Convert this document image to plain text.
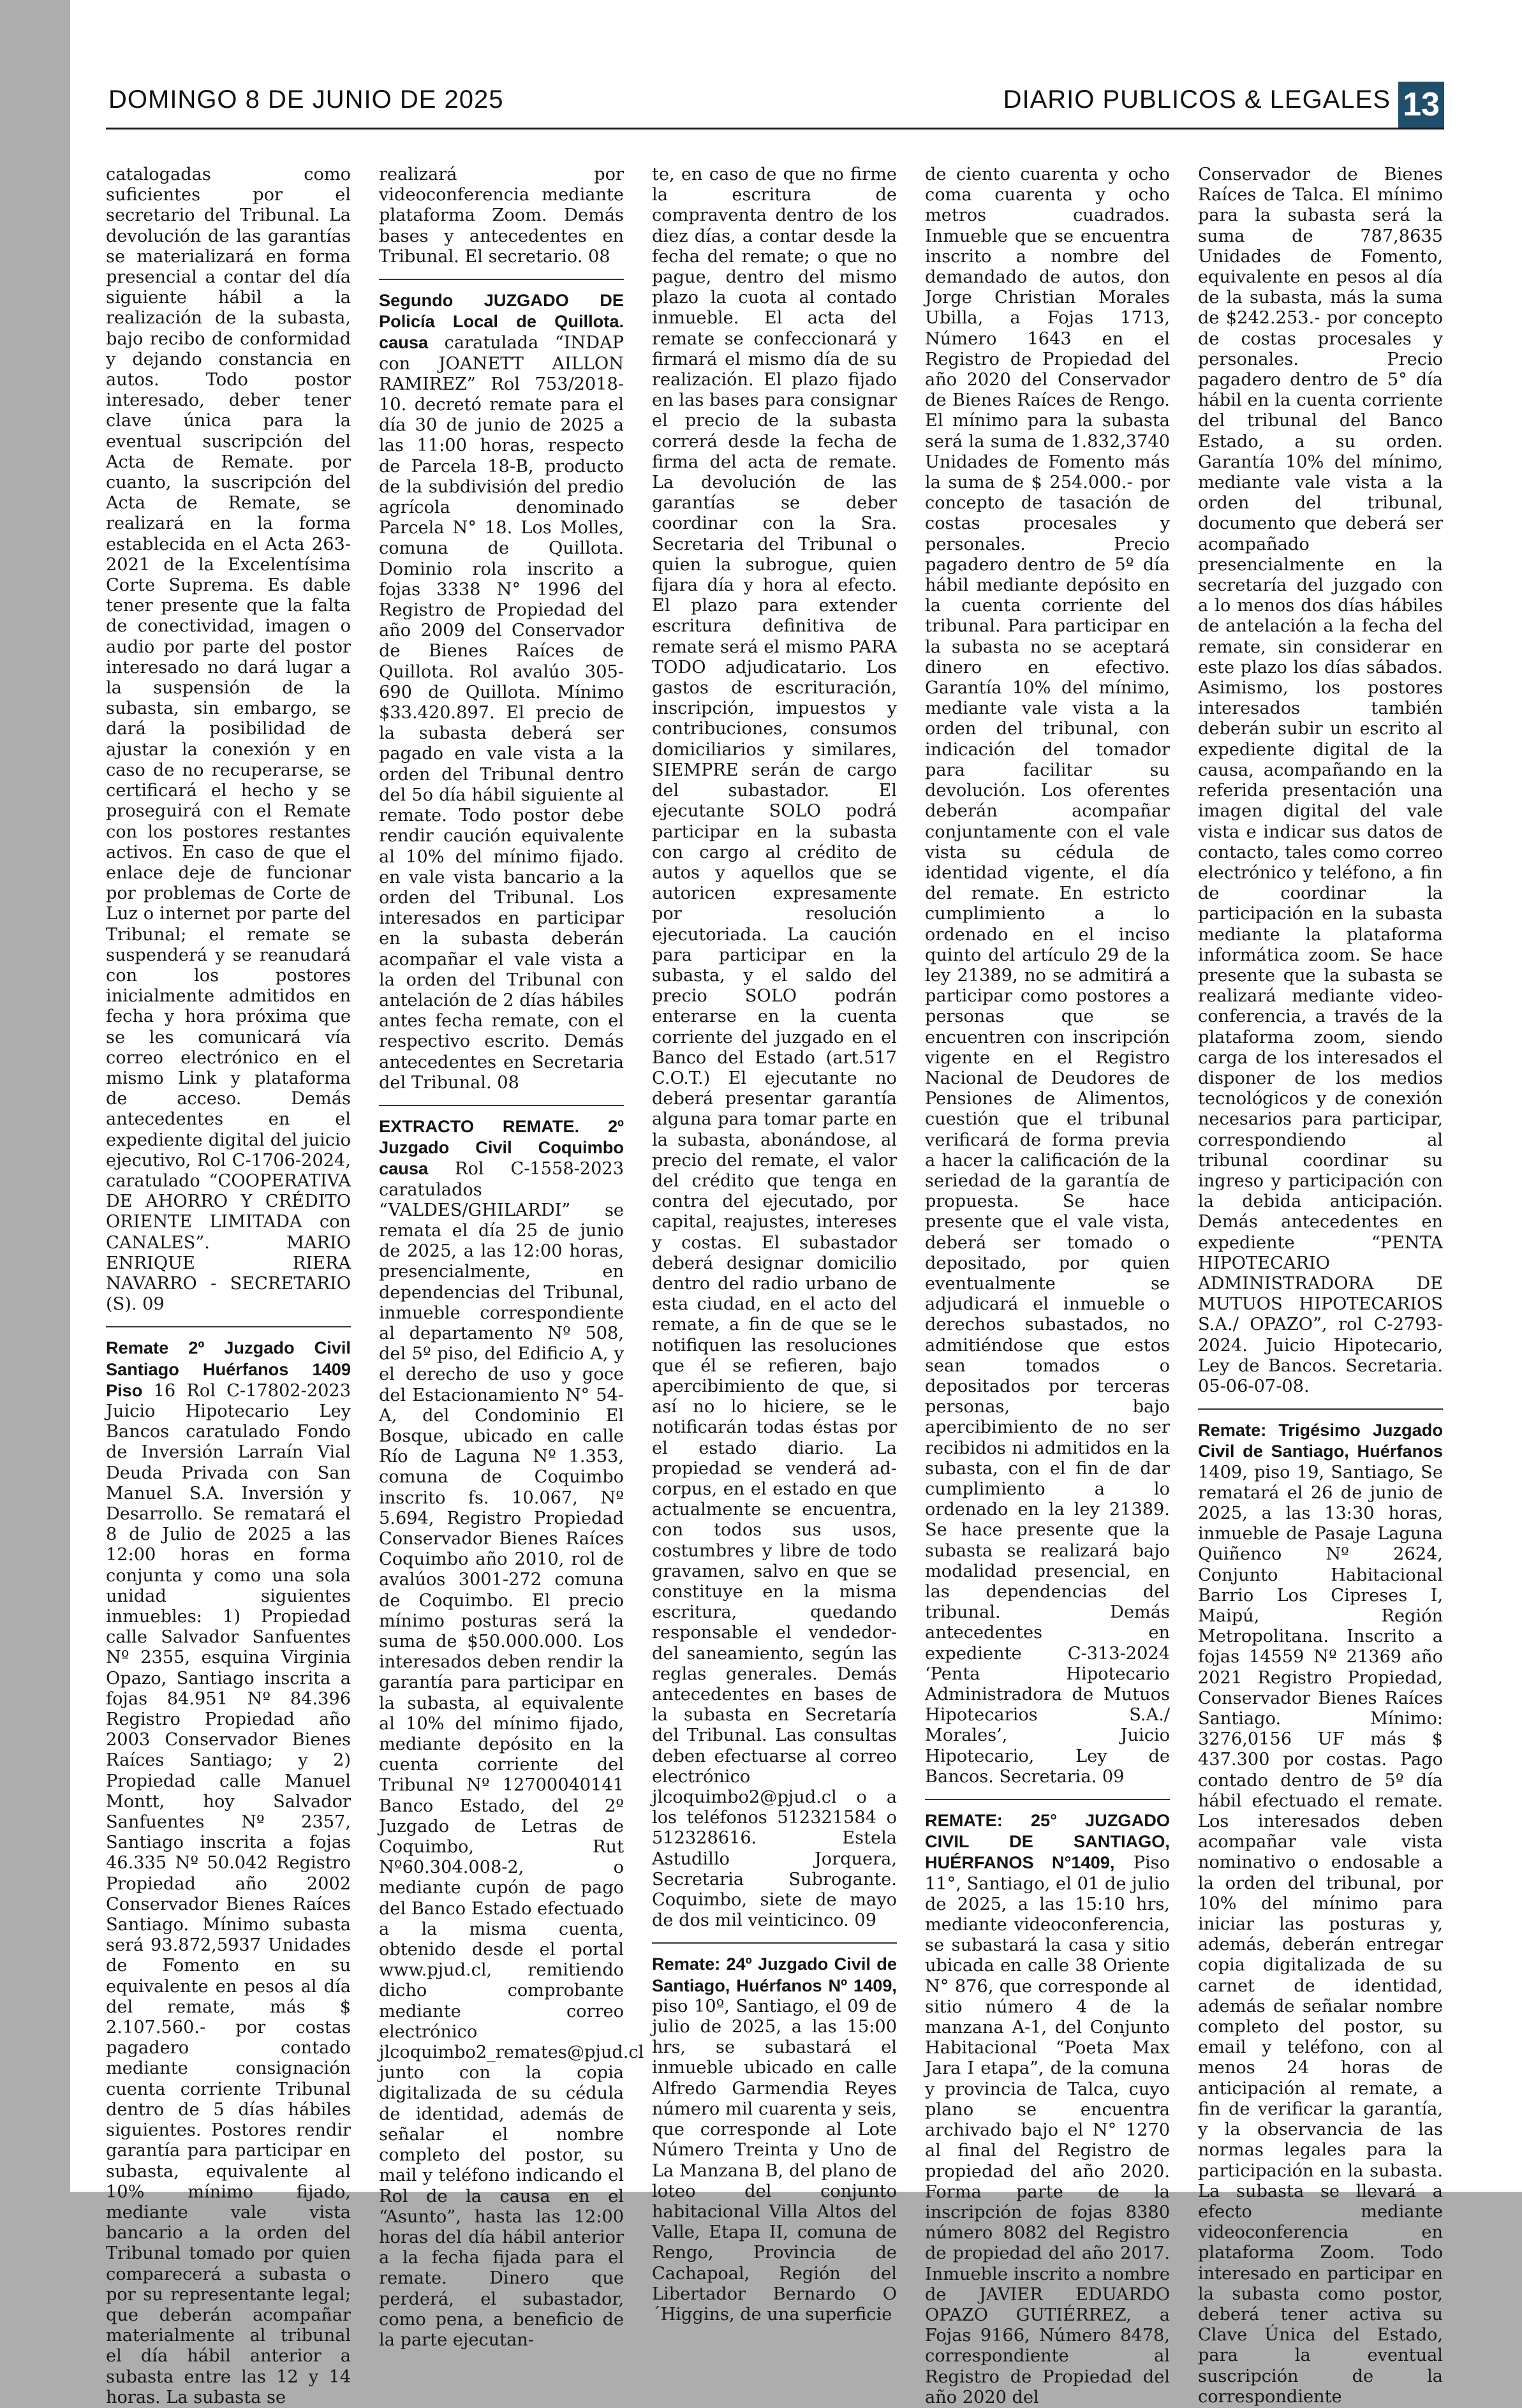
DOMINGO 8 DE JUNIO DE 2025	DIARIO PUBLICOS & LEGALES 13

catalogadas como suficientes por el secretario del Tribunal. La devolución de las garantías se materializará en forma presencial a contar del día siguiente hábil a la realización de la subasta, bajo recibo de conformidad y dejando constancia en autos. Todo postor interesado, deber tener clave única para la eventual suscripción del Acta de Remate. por cuanto, la suscripción del Acta de Remate, se realizará en la forma establecida en el Acta 263-2021 de la Excelentísima Corte Suprema. Es dable tener presente que la falta de conectividad, imagen o audio por parte del postor interesado no dará lugar a la suspensión de la subasta, sin embargo, se dará la posibilidad de ajustar la conexión y en caso de no recuperarse, se certificará el hecho y se proseguirá con el Remate con los postores restantes activos. En caso de que el enlace deje de funcionar por problemas de Corte de Luz o internet por parte del Tribunal; el remate se suspenderá y se reanudará con los postores inicialmente admitidos en fecha y hora próxima que se les comunicará vía correo electrónico en el mismo Link y plataforma de acceso. Demás antecedentes en el expediente digital del juicio ejecutivo, Rol C-1706-2024, caratulado “COOPERATIVA DE AHORRO Y CRÉDITO ORIENTE LIMITADA con CANALES”. MARIO ENRIQUE RIERA NAVARRO - SECRETARIO (S). 09

Remate 2º Juzgado Civil Santiago Huérfanos 1409 Piso 16 Rol C-17802-2023 Juicio Hipotecario Ley Bancos caratulado Fondo de Inversión Larraín Vial Deuda Privada con San Manuel S.A. Inversión y Desarrollo. Se rematará el 8 de Julio de 2025 a las 12:00 horas en forma conjunta y como una sola unidad siguientes inmuebles: 1) Propiedad calle Salvador Sanfuentes Nº 2355, esquina Virginia Opazo, Santiago inscrita a fojas 84.951 Nº 84.396 Registro Propiedad año 2003 Conservador Bienes Raíces Santiago; y 2) Propiedad calle Manuel Montt, hoy Salvador Sanfuentes Nº 2357, Santiago inscrita a fojas 46.335 Nº 50.042 Registro Propiedad año 2002 Conservador Bienes Raíces Santiago. Mínimo subasta será 93.872,5937 Unidades de Fomento en su equivalente en pesos al día del remate, más $ 2.107.560.- por costas pagadero contado mediante consignación cuenta corriente Tribunal dentro de 5 días hábiles siguientes. Postores rendir garantía para participar en subasta, equivalente al 10% mínimo fijado, mediante vale vista bancario a la orden del Tribunal tomado por quien comparecerá a subasta o por su representante legal; que deberán acompañar materialmente al tribunal el día hábil anterior a subasta entre las 12 y 14 horas. La subasta se

realizará por videoconferencia mediante plataforma Zoom. Demás bases y antecedentes en Tribunal. El secretario. 08

Segundo JUZGADO DE Policía Local de Quillota. causa caratulada “INDAP con JOANETT AILLON RAMIREZ” Rol 753/2018-10. decretó remate para el día 30 de junio de 2025 a las 11:00 horas, respecto de Parcela 18-B, producto de la subdivisión del predio agrícola denominado Parcela N° 18. Los Molles, comuna de Quillota. Dominio rola inscrito a fojas 3338 N° 1996 del Registro de Propiedad del año 2009 del Conservador de Bienes Raíces de Quillota. Rol avalúo 305-690 de Quillota. Mínimo $33.420.897. El precio de la subasta deberá ser pagado en vale vista a la orden del Tribunal dentro del 5o día hábil siguiente al remate. Todo postor debe rendir caución equivalente al 10% del mínimo fijado. en vale vista bancario a la orden del Tribunal. Los interesados en participar en la subasta deberán acompañar el vale vista a la orden del Tribunal con antelación de 2 días hábiles antes fecha remate, con el respectivo escrito. Demás antecedentes en Secretaria del Tribunal. 08

EXTRACTO REMATE. 2º Juzgado Civil Coquimbo causa Rol C-1558-2023 caratulados “VALDES/GHILARDI” se remata el día 25 de junio de 2025, a las 12:00 horas, presencialmente, en dependencias del Tribunal, inmueble correspondiente al departamento Nº 508, del 5º piso, del Edificio A, y el derecho de uso y goce del Estacionamiento N° 54-A, del Condominio El Bosque, ubicado en calle Río de Laguna Nº 1.353, comuna de Coquimbo inscrito fs. 10.067, Nº 5.694, Registro Propiedad Conservador Bienes Raíces Coquimbo año 2010, rol de avalúos 3001-272 comuna de Coquimbo. El precio mínimo posturas será la suma de $50.000.000. Los interesados deben rendir la garantía para participar en la subasta, al equivalente al 10% del mínimo fijado, mediante depósito en la cuenta corriente del Tribunal Nº 12700040141 Banco Estado, del 2º Juzgado de Letras de Coquimbo, Rut Nº60.304.008-2, o mediante cupón de pago del Banco Estado efectuado a la misma cuenta, obtenido desde el portal www.pjud.cl, remitiendo dicho comprobante mediante correo electrónico jlcoquimbo2_remates@pjud.cl junto con la copia digitalizada de su cédula de identidad, además de señalar el nombre completo del postor, su mail y teléfono indicando el Rol de la causa en el “Asunto”, hasta las 12:00 horas del día hábil anterior a la fecha fijada para el remate. Dinero que perderá, el subastador, como pena, a beneficio de la parte ejecutan-

te, en caso de que no firme la escritura de compraventa dentro de los diez días, a contar desde la fecha del remate; o que no pague, dentro del mismo plazo la cuota al contado inmueble. El acta del remate se confeccionará y firmará el mismo día de su realización. El plazo fijado en las bases para consignar el precio de la subasta correrá desde la fecha de firma del acta de remate. La devolución de las garantías se deber coordinar con la Sra. Secretaria del Tribunal o quien la subrogue, quien fijara día y hora al efecto. El plazo para extender escritura definitiva de remate será el mismo PARA TODO adjudicatario. Los gastos de escrituración, inscripción, impuestos y contribuciones, consumos domiciliarios y similares, SIEMPRE serán de cargo del subastador. El ejecutante SOLO podrá participar en la subasta con cargo al crédito de autos y aquellos que se autoricen expresamente por resolución ejecutoriada. La caución para participar en la subasta, y el saldo del precio SOLO podrán enterarse en la cuenta corriente del juzgado en el Banco del Estado (art.517 C.O.T.) El ejecutante no deberá presentar garantía alguna para tomar parte en la subasta, abonándose, al precio del remate, el valor del crédito que tenga en contra del ejecutado, por capital, reajustes, intereses y costas. El subastador deberá designar domicilio dentro del radio urbano de esta ciudad, en el acto del remate, a fin de que se le notifiquen las resoluciones que él se refieren, bajo apercibimiento de que, si así no lo hiciere, se le notificarán todas éstas por el estado diario. La propiedad se venderá ad-corpus, en el estado en que actualmente se encuentra, con todos sus usos, costumbres y libre de todo gravamen, salvo en que se constituye en la misma escritura, quedando responsable el vendedor- del saneamiento, según las reglas generales. Demás antecedentes en bases de la subasta en Secretaría del Tribunal. Las consultas deben efectuarse al correo electrónico jlcoquimbo2@pjud.cl o a los teléfonos 512321584 o 512328616. Estela Astudillo Jorquera, Secretaria Subrogante. Coquimbo, siete de mayo de dos mil veinticinco. 09

Remate: 24º Juzgado Civil de Santiago, Huérfanos Nº 1409, piso 10º, Santiago, el 09 de julio de 2025, a las 15:00 hrs, se subastará el inmueble ubicado en calle Alfredo Garmendia Reyes número mil cuarenta y seis, que corresponde al Lote Número Treinta y Uno de La Manzana B, del plano de loteo del conjunto habitacional Villa Altos del Valle, Etapa II, comuna de Rengo, Provincia de Cachapoal, Región del Libertador Bernardo O´Higgins, de una superficie

de ciento cuarenta y ocho coma cuarenta y ocho metros cuadrados. Inmueble que se encuentra inscrito a nombre del demandado de autos, don Jorge Christian Morales Ubilla, a Fojas 1713, Número 1643 en el Registro de Propiedad del año 2020 del Conservador de Bienes Raíces de Rengo. El mínimo para la subasta será la suma de 1.832,3740 Unidades de Fomento más la suma de $ 254.000.- por concepto de tasación de costas procesales y personales. Precio pagadero dentro de 5º día hábil mediante depósito en la cuenta corriente del tribunal. Para participar en la subasta no se aceptará dinero en efectivo. Garantía 10% del mínimo, mediante vale vista a la orden del tribunal, con indicación del tomador para facilitar su devolución. Los oferentes deberán acompañar conjuntamente con el vale vista su cédula de identidad vigente, el día del remate. En estricto cumplimiento a lo ordenado en el inciso quinto del artículo 29 de la ley 21389, no se admitirá a participar como postores a personas que se encuentren con inscripción vigente en el Registro Nacional de Deudores de Pensiones de Alimentos, cuestión que el tribunal verificará de forma previa a hacer la calificación de la seriedad de la garantía de propuesta. Se hace presente que el vale vista, deberá ser tomado o depositado, por quien eventualmente se adjudicará el inmueble o derechos subastados, no admitiéndose que estos sean tomados o depositados por terceras personas, bajo apercibimiento de no ser recibidos ni admitidos en la subasta, con el fin de dar cumplimiento a lo ordenado en la ley 21389. Se hace presente que la subasta se realizará bajo modalidad presencial, en las dependencias del tribunal. Demás antecedentes en expediente C-313-2024 ‘Penta Hipotecario Administradora de Mutuos Hipotecarios S.A./ Morales’, Juicio Hipotecario, Ley de Bancos. Secretaria. 09

REMATE: 25° JUZGADO CIVIL DE SANTIAGO, HUÉRFANOS N°1409, Piso 11°, Santiago, el 01 de julio de 2025, a las 15:10 hrs, mediante videoconferencia, se subastará la casa y sitio ubicada en calle 38 Oriente N° 876, que corresponde al sitio número 4 de la manzana A-1, del Conjunto Habitacional “Poeta Max Jara I etapa”, de la comuna y provincia de Talca, cuyo plano se encuentra archivado bajo el N° 1270 al final del Registro de propiedad del año 2020. Forma parte de la inscripción de fojas 8380 número 8082 del Registro de propiedad del año 2017. Inmueble inscrito a nombre de JAVIER EDUARDO OPAZO GUTIÉRREZ, a Fojas 9166, Número 8478, correspondiente al Registro de Propiedad del año 2020 del

Conservador de Bienes Raíces de Talca. El mínimo para la subasta será la suma de 787,8635 Unidades de Fomento, equivalente en pesos al día de la subasta, más la suma de $242.253.- por concepto de costas procesales y personales. Precio pagadero dentro de 5° día hábil en la cuenta corriente del tribunal del Banco Estado, a su orden. Garantía 10% del mínimo, mediante vale vista a la orden del tribunal, documento que deberá ser acompañado presencialmente en la secretaría del juzgado con a lo menos dos días hábiles de antelación a la fecha del remate, sin considerar en este plazo los días sábados. Asimismo, los postores interesados también deberán subir un escrito al expediente digital de la causa, acompañando en la referida presentación una imagen digital del vale vista e indicar sus datos de contacto, tales como correo electrónico y teléfono, a fin de coordinar la participación en la subasta mediante la plataforma informática zoom. Se hace presente que la subasta se realizará mediante video- conferencia, a través de la plataforma zoom, siendo carga de los interesados el disponer de los medios tecnológicos y de conexión necesarios para participar, correspondiendo al tribunal coordinar su ingreso y participación con la debida anticipación. Demás antecedentes en expediente “PENTA HIPOTECARIO ADMINISTRADORA DE MUTUOS HIPOTECARIOS S.A./ OPAZO”, rol C-2793- 2024. Juicio Hipotecario, Ley de Bancos. Secretaria. 05-06-07-08.

Remate: Trigésimo Juzgado Civil de Santiago, Huérfanos 1409, piso 19, Santiago, Se rematará el 26 de junio de 2025, a las 13:30 horas, inmueble de Pasaje Laguna Quiñenco Nº 2624, Conjunto Habitacional Barrio Los Cipreses I, Maipú, Región Metropolitana. Inscrito a fojas 14559 Nº 21369 año 2021 Registro Propiedad, Conservador Bienes Raíces Santiago. Mínimo: 3276,0156 UF más $ 437.300 por costas. Pago contado dentro de 5º día hábil efectuado el remate. Los interesados deben acompañar vale vista nominativo o endosable a la orden del tribunal, por 10% del mínimo para iniciar las posturas y, además, deberán entregar copia digitalizada de su carnet de identidad, además de señalar nombre completo del postor, su email y teléfono, con al menos 24 horas de anticipación al remate, a fin de verificar la garantía, y la observancia de las normas legales para la participación en la subasta. La subasta se llevará a efecto mediante videoconferencia en plataforma Zoom. Todo interesado en participar en la subasta como postor, deberá tener activa su Clave Única del Estado, para la eventual suscripción de la correspondiente
